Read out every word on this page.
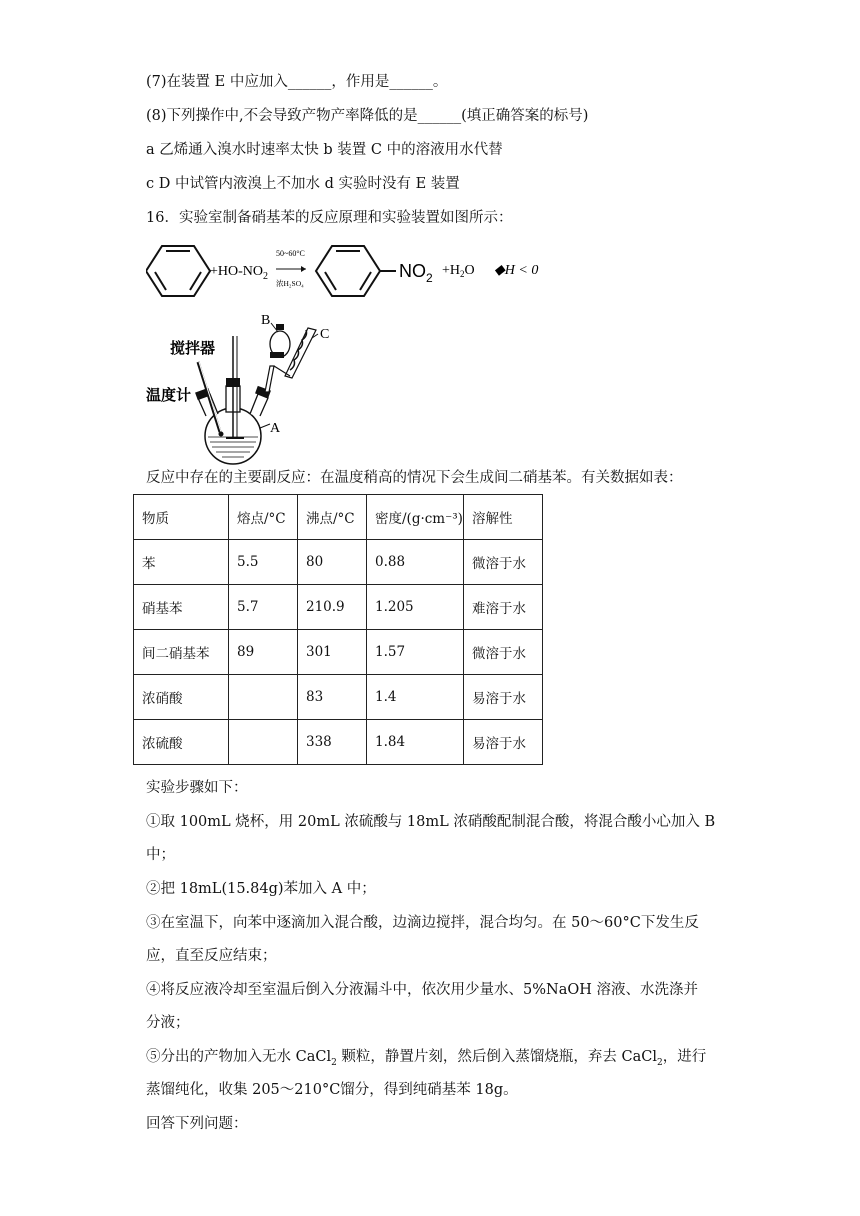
(7)在装置 E 中应加入______，作用是______。
(8)下列操作中,不会导致产物产率降低的是______(填正确答案的标号)
a 乙烯通入溴水时速率太快 b 装置 C 中的溶液用水代替
c D 中试管内液溴上不加水 d 实验时没有 E 装置
16．实验室制备硝基苯的反应原理和实验装置如图所示：
$+HO-NO_2$
50~60°C
浓H₂SO₄
$NO_2 +H_2O$ ◆H < 0
搅拌器
温度计
A
B
C
反应中存在的主要副反应：在温度稍高的情况下会生成间二硝基苯。有关数据如表：
物质	熔点/°C	沸点/°C	密度/(g·cm⁻³)	溶解性
苯	5.5	80	0.88	微溶于水
硝基苯	5.7	210.9	1.205	难溶于水
间二硝基苯	89	301	1.57	微溶于水
浓硝酸		83	1.4	易溶于水
浓硫酸		338	1.84	易溶于水
实验步骤如下：
①取 100mL 烧杯，用 20mL 浓硫酸与 18mL 浓硝酸配制混合酸，将混合酸小心加入 B
中；
②把 18mL(15.84g)苯加入 A 中；
③在室温下，向苯中逐滴加入混合酸，边滴边搅拌，混合均匀。在 50～60°C下发生反
应，直至反应结束；
④将反应液冷却至室温后倒入分液漏斗中，依次用少量水、5%NaOH 溶液、水洗涤并
分液；
⑤分出的产物加入无水 CaCl$_2$ 颗粒，静置片刻，然后倒入蒸馏烧瓶，弃去 CaCl$_2$，进行
蒸馏纯化，收集 205～210°C馏分，得到纯硝基苯 18g。
回答下列问题：
